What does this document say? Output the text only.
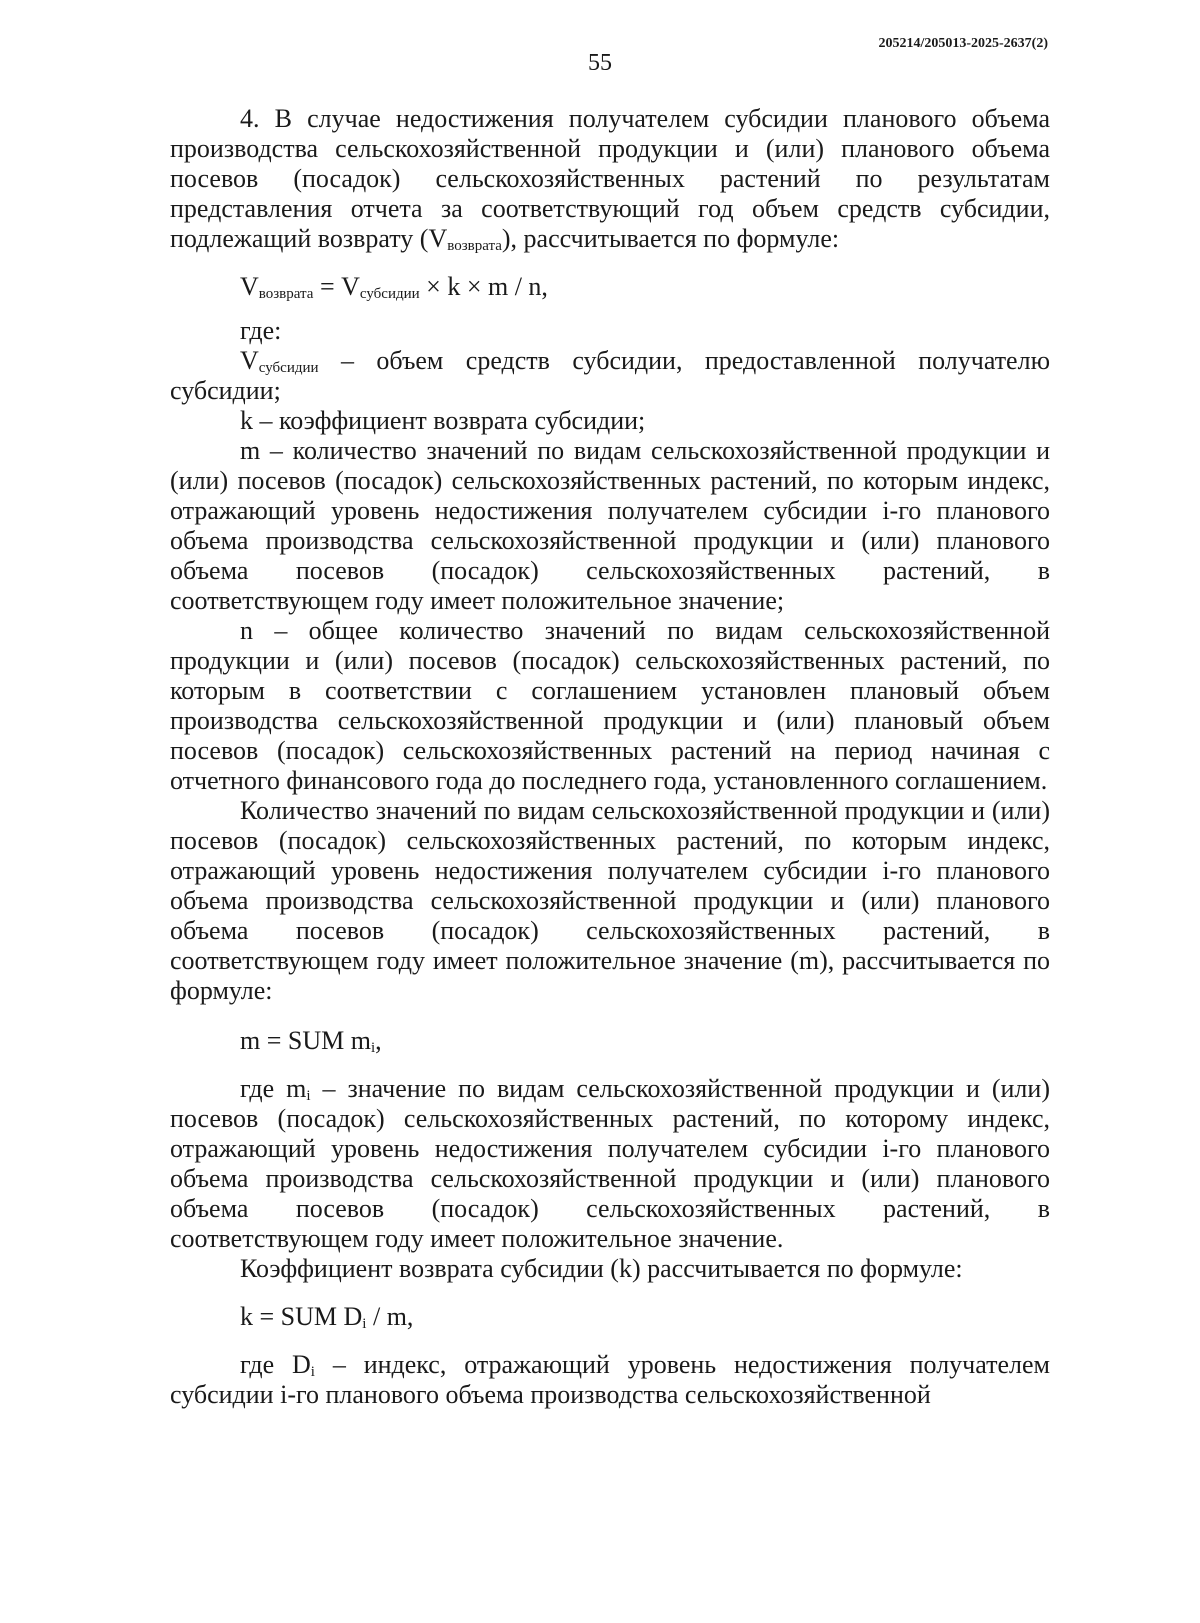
205214/205013-2025-2637(2)
55

4. В случае недостижения получателем субсидии планового объема производства сельскохозяйственной продукции и (или) планового объема посевов (посадок) сельскохозяйственных растений по результатам представления отчета за соответствующий год объем средств субсидии, подлежащий возврату $(V_{возврата})$, рассчитывается по формуле:

$V_{возврата} = V_{субсидии} \times k \times m / n$,

где:

$V_{субсидии}$ – объем средств субсидии, предоставленной получателю субсидии;

k – коэффициент возврата субсидии;

m – количество значений по видам сельскохозяйственной продукции и (или) посевов (посадок) сельскохозяйственных растений, по которым индекс, отражающий уровень недостижения получателем субсидии i-го планового объема производства сельскохозяйственной продукции и (или) планового объема посевов (посадок) сельскохозяйственных растений, в соответствующем году имеет положительное значение;

n – общее количество значений по видам сельскохозяйственной продукции и (или) посевов (посадок) сельскохозяйственных растений, по которым в соответствии с соглашением установлен плановый объем производства сельскохозяйственной продукции и (или) плановый объем посевов (посадок) сельскохозяйственных растений на период начиная с отчетного финансового года до последнего года, установленного соглашением.

Количество значений по видам сельскохозяйственной продукции и (или) посевов (посадок) сельскохозяйственных растений, по которым индекс, отражающий уровень недостижения получателем субсидии i-го планового объема производства сельскохозяйственной продукции и (или) планового объема посевов (посадок) сельскохозяйственных растений, в соответствующем году имеет положительное значение (m), рассчитывается по формуле:

m = SUM $m_i$,

где $m_i$ – значение по видам сельскохозяйственной продукции и (или) посевов (посадок) сельскохозяйственных растений, по которому индекс, отражающий уровень недостижения получателем субсидии i-го планового объема производства сельскохозяйственной продукции и (или) планового объема посевов (посадок) сельскохозяйственных растений, в соответствующем году имеет положительное значение.

Коэффициент возврата субсидии (k) рассчитывается по формуле:

k = SUM $D_i$ / m,

где $D_i$ – индекс, отражающий уровень недостижения получателем субсидии i-го планового объема производства сельскохозяйственной
